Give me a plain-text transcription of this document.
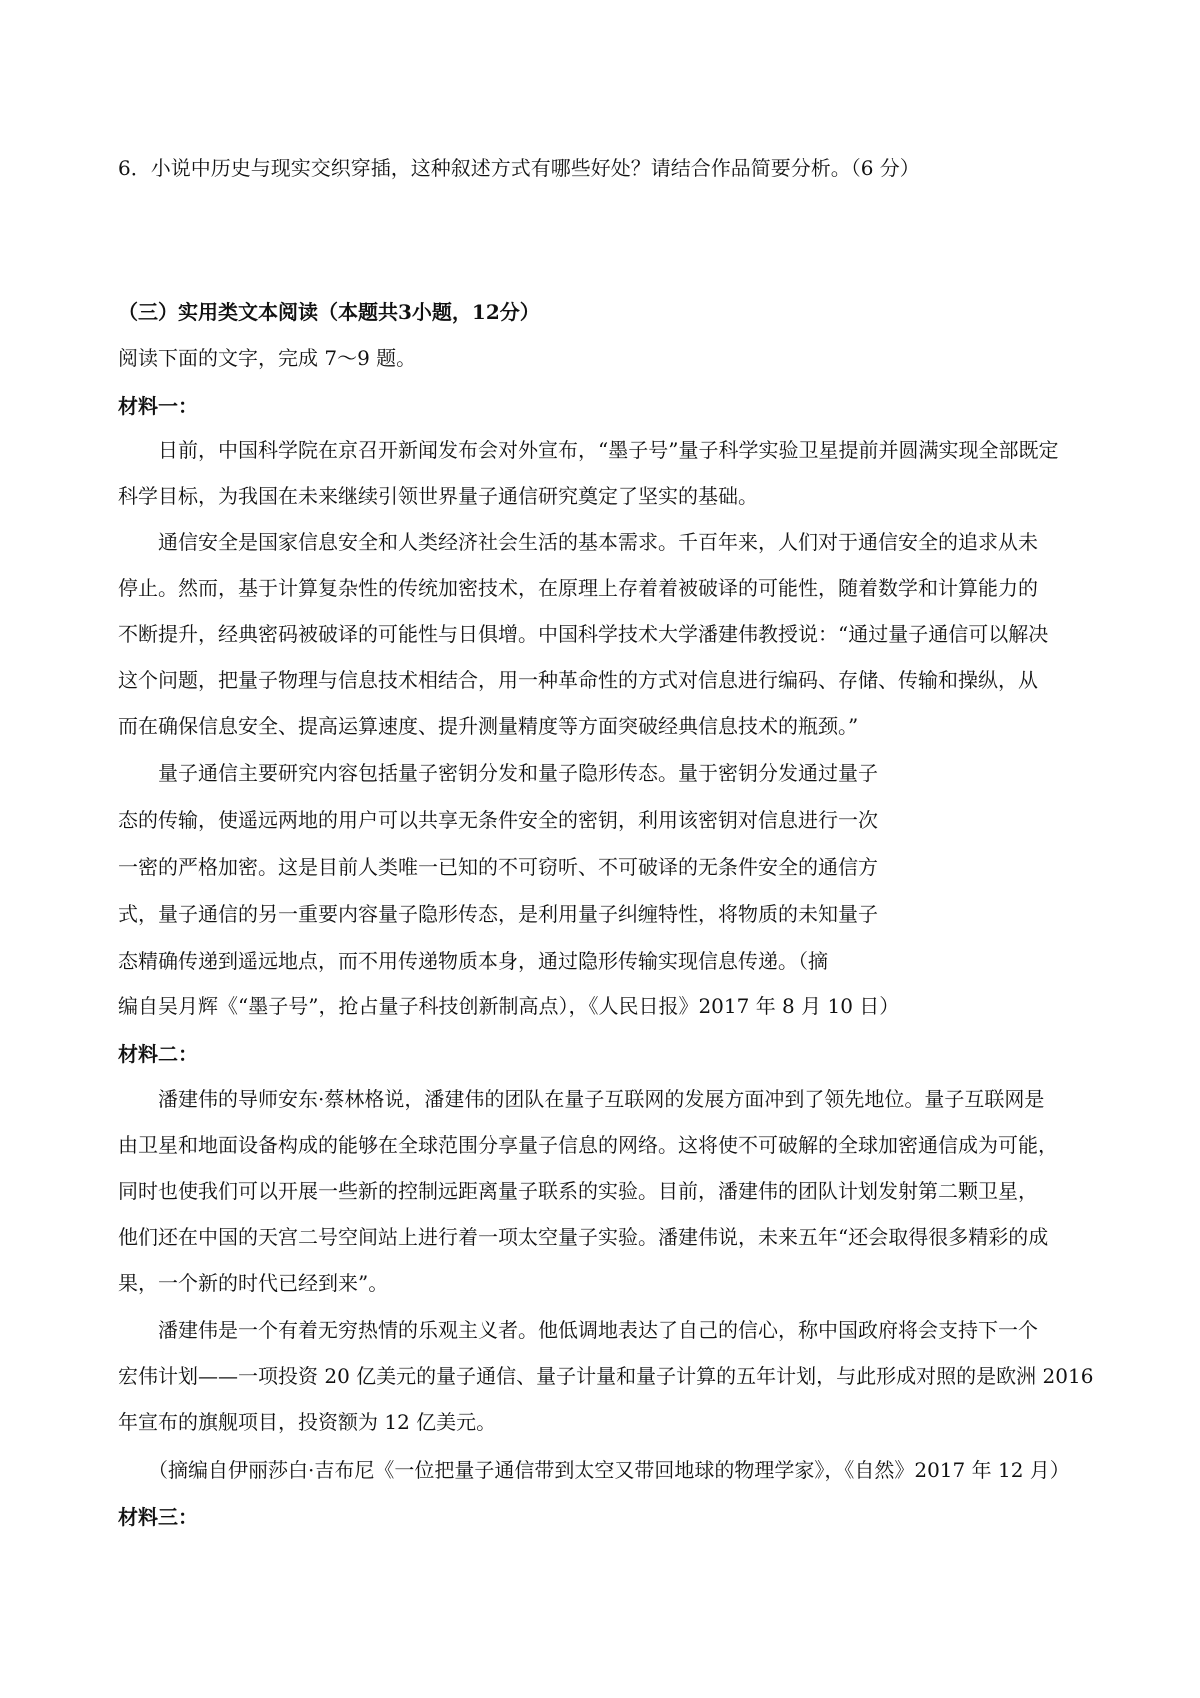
6．小说中历史与现实交织穿插，这种叙述方式有哪些好处？请结合作品简要分析。（6 分）
（三）实用类文本阅读（本题共3小题，12分）
阅读下面的文字，完成 7～9 题。
材料一：
日前，中国科学院在京召开新闻发布会对外宣布，“墨子号”量子科学实验卫星提前并圆满实现全部既定
科学目标，为我国在未来继续引领世界量子通信研究奠定了坚实的基础。
通信安全是国家信息安全和人类经济社会生活的基本需求。千百年来，人们对于通信安全的追求从未
停止。然而，基于计算复杂性的传统加密技术，在原理上存着着被破译的可能性，随着数学和计算能力的
不断提升，经典密码被破译的可能性与日俱增。中国科学技术大学潘建伟教授说：“通过量子通信可以解决
这个问题，把量子物理与信息技术相结合，用一种革命性的方式对信息进行编码、存储、传输和操纵，从
而在确保信息安全、提高运算速度、提升测量精度等方面突破经典信息技术的瓶颈。”
量子通信主要研究内容包括量子密钥分发和量子隐形传态。量于密钥分发通过量子
态的传输，使遥远两地的用户可以共享无条件安全的密钥，利用该密钥对信息进行一次
一密的严格加密。这是目前人类唯一已知的不可窃听、不可破译的无条件安全的通信方
式，量子通信的另一重要内容量子隐形传态，是利用量子纠缠特性，将物质的未知量子
态精确传递到遥远地点，而不用传递物质本身，通过隐形传输实现信息传递。（摘
编自吴月辉《“墨子号”，抢占量子科技创新制高点），《人民日报》2017 年 8 月 10 日）
材料二：
潘建伟的导师安东·蔡林格说，潘建伟的团队在量子互联网的发展方面冲到了领先地位。量子互联网是
由卫星和地面设备构成的能够在全球范围分享量子信息的网络。这将使不可破解的全球加密通信成为可能，
同时也使我们可以开展一些新的控制远距离量子联系的实验。目前，潘建伟的团队计划发射第二颗卫星，
他们还在中国的天宫二号空间站上进行着一项太空量子实验。潘建伟说，未来五年“还会取得很多精彩的成
果，一个新的时代已经到来”。
潘建伟是一个有着无穷热情的乐观主义者。他低调地表达了自己的信心，称中国政府将会支持下一个
宏伟计划——一项投资 20 亿美元的量子通信、量子计量和量子计算的五年计划，与此形成对照的是欧洲 2016
年宣布的旗舰项目，投资额为 12 亿美元。
（摘编自伊丽莎白·吉布尼《一位把量子通信带到太空又带回地球的物理学家》，《自然》2017 年 12 月）
材料三：
